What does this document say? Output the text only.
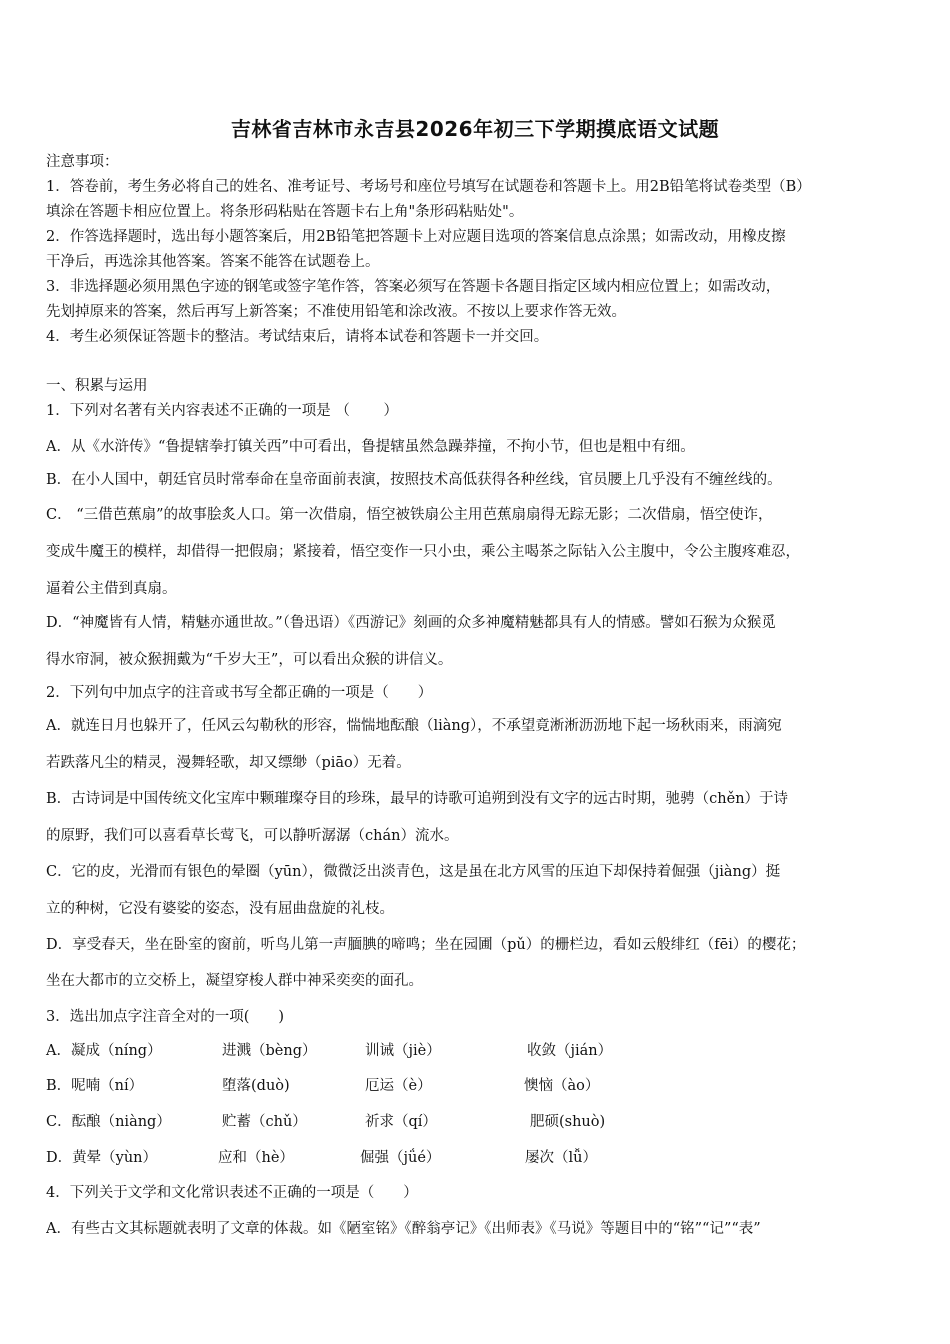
吉林省吉林市永吉县2026年初三下学期摸底语文试题
注意事项：
1．答卷前，考生务必将自己的姓名、准考证号、考场号和座位号填写在试题卷和答题卡上。用2B铅笔将试卷类型（B）
填涂在答题卡相应位置上。将条形码粘贴在答题卡右上角"条形码粘贴处"。
2．作答选择题时，选出每小题答案后，用2B铅笔把答题卡上对应题目选项的答案信息点涂黑；如需改动，用橡皮擦
干净后，再选涂其他答案。答案不能答在试题卷上。
3．非选择题必须用黑色字迹的钢笔或签字笔作答，答案必须写在答题卡各题目指定区域内相应位置上；如需改动，
先划掉原来的答案，然后再写上新答案；不准使用铅笔和涂改液。不按以上要求作答无效。
4．考生必须保证答题卡的整洁。考试结束后，请将本试卷和答题卡一并交回。
一、积累与运用
1．下列对名著有关内容表述不正确的一项是 （　　 ）
A．从《水浒传》“鲁提辖拳打镇关西”中可看出，鲁提辖虽然急躁莽撞，不拘小节，但也是粗中有细。
B．在小人国中，朝廷官员时常奉命在皇帝面前表演，按照技术高低获得各种丝线，官员腰上几乎没有不缠丝线的。
C． “三借芭蕉扇”的故事脍炙人口。第一次借扇，悟空被铁扇公主用芭蕉扇扇得无踪无影；二次借扇，悟空使诈，
变成牛魔王的模样，却借得一把假扇；紧接着，悟空变作一只小虫，乘公主喝茶之际钻入公主腹中，令公主腹疼难忍，
逼着公主借到真扇。
D．“神魔皆有人情，精魅亦通世故。”（鲁迅语）《西游记》刻画的众多神魔精魅都具有人的情感。譬如石猴为众猴觅
得水帘洞，被众猴拥戴为“千岁大王”，可以看出众猴的讲信义。
2．下列句中加点字的注音或书写全都正确的一项是（　　）
A．就连日月也躲开了，任风云勾勒秋的形容，惴惴地酝酿（liàng），不承望竟淅淅沥沥地下起一场秋雨来，雨滴宛
若跌落凡尘的精灵，漫舞轻歌，却又缥缈（piāo）无着。
B．古诗词是中国传统文化宝库中颗璀璨夺目的珍珠，最早的诗歌可追朔到没有文字的远古时期，驰骋（chěn）于诗
的原野，我们可以喜看草长莺飞，可以静听潺潺（chán）流水。
C．它的皮，光滑而有银色的晕圈（yūn），微微泛出淡青色，这是虽在北方风雪的压迫下却保持着倔强（jiàng）挺
立的种树，它没有婆娑的姿态，没有屈曲盘旋的礼枝。
D．享受春天，坐在卧室的窗前，听鸟儿第一声腼腆的啼鸣；坐在园圃（pǔ）的栅栏边，看如云般绯红（fēi）的樱花；
坐在大都市的立交桥上，凝望穿梭人群中神采奕奕的面孔。
3．选出加点字注音全对的一项(　　)
A．凝成（níng）	进溅（bèng）	训诫（jiè）	收敛（jián）
B．呢喃（ní）	堕落(duò)	厄运（è）	懊恼（ào）
C．酝酿（niàng）	贮蓄（chǔ）	祈求（qí）	肥硕(shuò)
D．黄晕（yùn）	应和（hè）	倔强（jǘé）	屡次（lǚ）
4．下列关于文学和文化常识表述不正确的一项是（　　）
A．有些古文其标题就表明了文章的体裁。如《陋室铭》《醉翁亭记》《出师表》《马说》等题目中的“铭”“记”“表”
